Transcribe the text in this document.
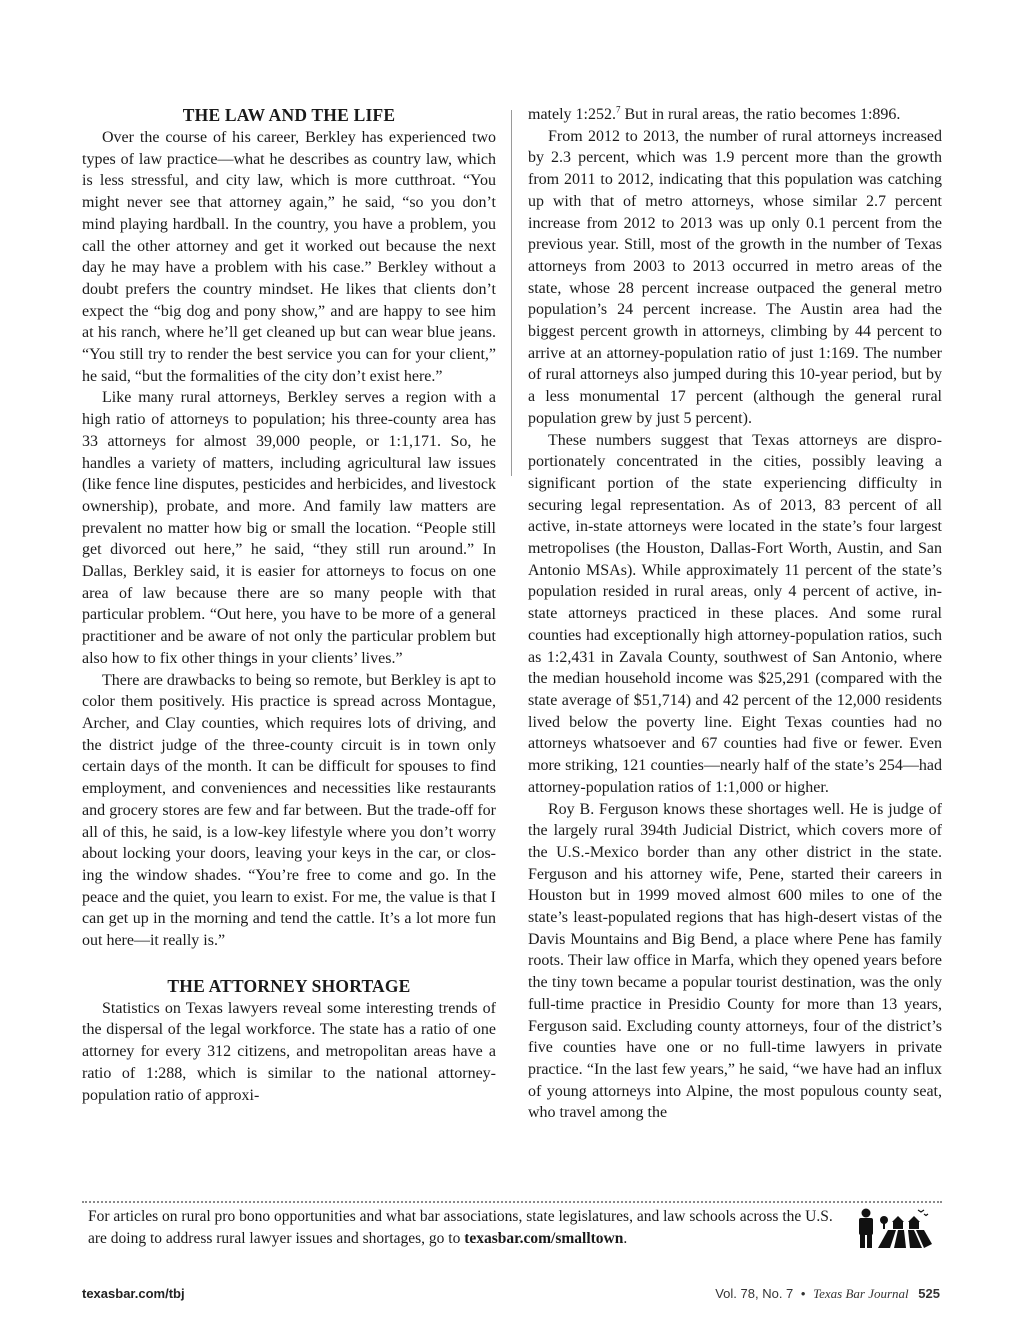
THE LAW AND THE LIFE

Over the course of his career, Berkley has experienced two types of law practice—what he describes as country law, which is less stressful, and city law, which is more cutthroat. “You might never see that attorney again,” he said, “so you don’t mind playing hardball. In the country, you have a problem, you call the other attorney and get it worked out because the next day he may have a problem with his case.” Berkley without a doubt prefers the country mindset. He likes that clients don’t expect the “big dog and pony show,” and are happy to see him at his ranch, where he’ll get cleaned up but can wear blue jeans. “You still try to render the best service you can for your client,” he said, “but the formalities of the city don’t exist here.”

Like many rural attorneys, Berkley serves a region with a high ratio of attorneys to population; his three-county area has 33 attorneys for almost 39,000 people, or 1:1,171. So, he handles a variety of matters, including agricultural law issues (like fence line disputes, pesticides and herbicides, and livestock ownership), probate, and more. And family law matters are prevalent no matter how big or small the location. “People still get divorced out here,” he said, “they still run around.” In Dallas, Berkley said, it is easier for attorneys to focus on one area of law because there are so many people with that particular problem. “Out here, you have to be more of a general practitioner and be aware of not only the particular problem but also how to fix other things in your clients’ lives.”

There are drawbacks to being so remote, but Berkley is apt to color them positively. His practice is spread across Montague, Archer, and Clay counties, which requires lots of driving, and the district judge of the three-county circuit is in town only certain days of the month. It can be difficult for spouses to find employment, and conveniences and necessities like restaurants and grocery stores are few and far between. But the trade-off for all of this, he said, is a low-key lifestyle where you don’t worry about locking your doors, leaving your keys in the car, or closing the window shades. “You’re free to come and go. In the peace and the quiet, you learn to exist. For me, the value is that I can get up in the morning and tend the cattle. It’s a lot more fun out here—it really is.”

THE ATTORNEY SHORTAGE

Statistics on Texas lawyers reveal some interesting trends of the dispersal of the legal workforce. The state has a ratio of one attorney for every 312 citizens, and metropolitan areas have a ratio of 1:288, which is similar to the national attorney-population ratio of approxi-

mately 1:252.$^7$ But in rural areas, the ratio becomes 1:896.

From 2012 to 2013, the number of rural attorneys increased by 2.3 percent, which was 1.9 percent more than the growth from 2011 to 2012, indicating that this population was catching up with that of metro attorneys, whose similar 2.7 percent increase from 2012 to 2013 was up only 0.1 percent from the previous year. Still, most of the growth in the number of Texas attorneys from 2003 to 2013 occurred in metro areas of the state, whose 28 percent increase outpaced the general metro population’s 24 percent increase. The Austin area had the biggest percent growth in attorneys, climbing by 44 percent to arrive at an attorney-population ratio of just 1:169. The number of rural attorneys also jumped during this 10-year period, but by a less monumental 17 percent (although the general rural population grew by just 5 percent).

These numbers suggest that Texas attorneys are disproportionately concentrated in the cities, possibly leaving a significant portion of the state experiencing difficulty in securing legal representation. As of 2013, 83 percent of all active, in-state attorneys were located in the state’s four largest metropolises (the Houston, Dallas-Fort Worth, Austin, and San Antonio MSAs). While approximately 11 percent of the state’s population resided in rural areas, only 4 percent of active, in-state attorneys practiced in these places. And some rural counties had exceptionally high attorney-population ratios, such as 1:2,431 in Zavala County, southwest of San Antonio, where the median household income was $25,291 (compared with the state average of $51,714) and 42 percent of the 12,000 residents lived below the poverty line. Eight Texas counties had no attorneys whatsoever and 67 counties had five or fewer. Even more striking, 121 counties—nearly half of the state’s 254—had attorney-population ratios of 1:1,000 or higher.

Roy B. Ferguson knows these shortages well. He is judge of the largely rural 394th Judicial District, which covers more of the U.S.-Mexico border than any other district in the state. Ferguson and his attorney wife, Pene, started their careers in Houston but in 1999 moved almost 600 miles to one of the state’s least-populated regions that has high-desert vistas of the Davis Mountains and Big Bend, a place where Pene has family roots. Their law office in Marfa, which they opened years before the tiny town became a popular tourist destination, was the only full-time practice in Presidio County for more than 13 years, Ferguson said. Excluding county attorneys, four of the district’s five counties have one or no full-time lawyers in private practice. “In the last few years,” he said, “we have had an influx of young attorneys into Alpine, the most populous county seat, who travel among the

For articles on rural pro bono opportunities and what bar associations, state legislatures, and law schools across the U.S. are doing to address rural lawyer issues and shortages, go to texasbar.com/smalltown.
texasbar.com/tbj	Vol. 78, No. 7 • Texas Bar Journal 525
